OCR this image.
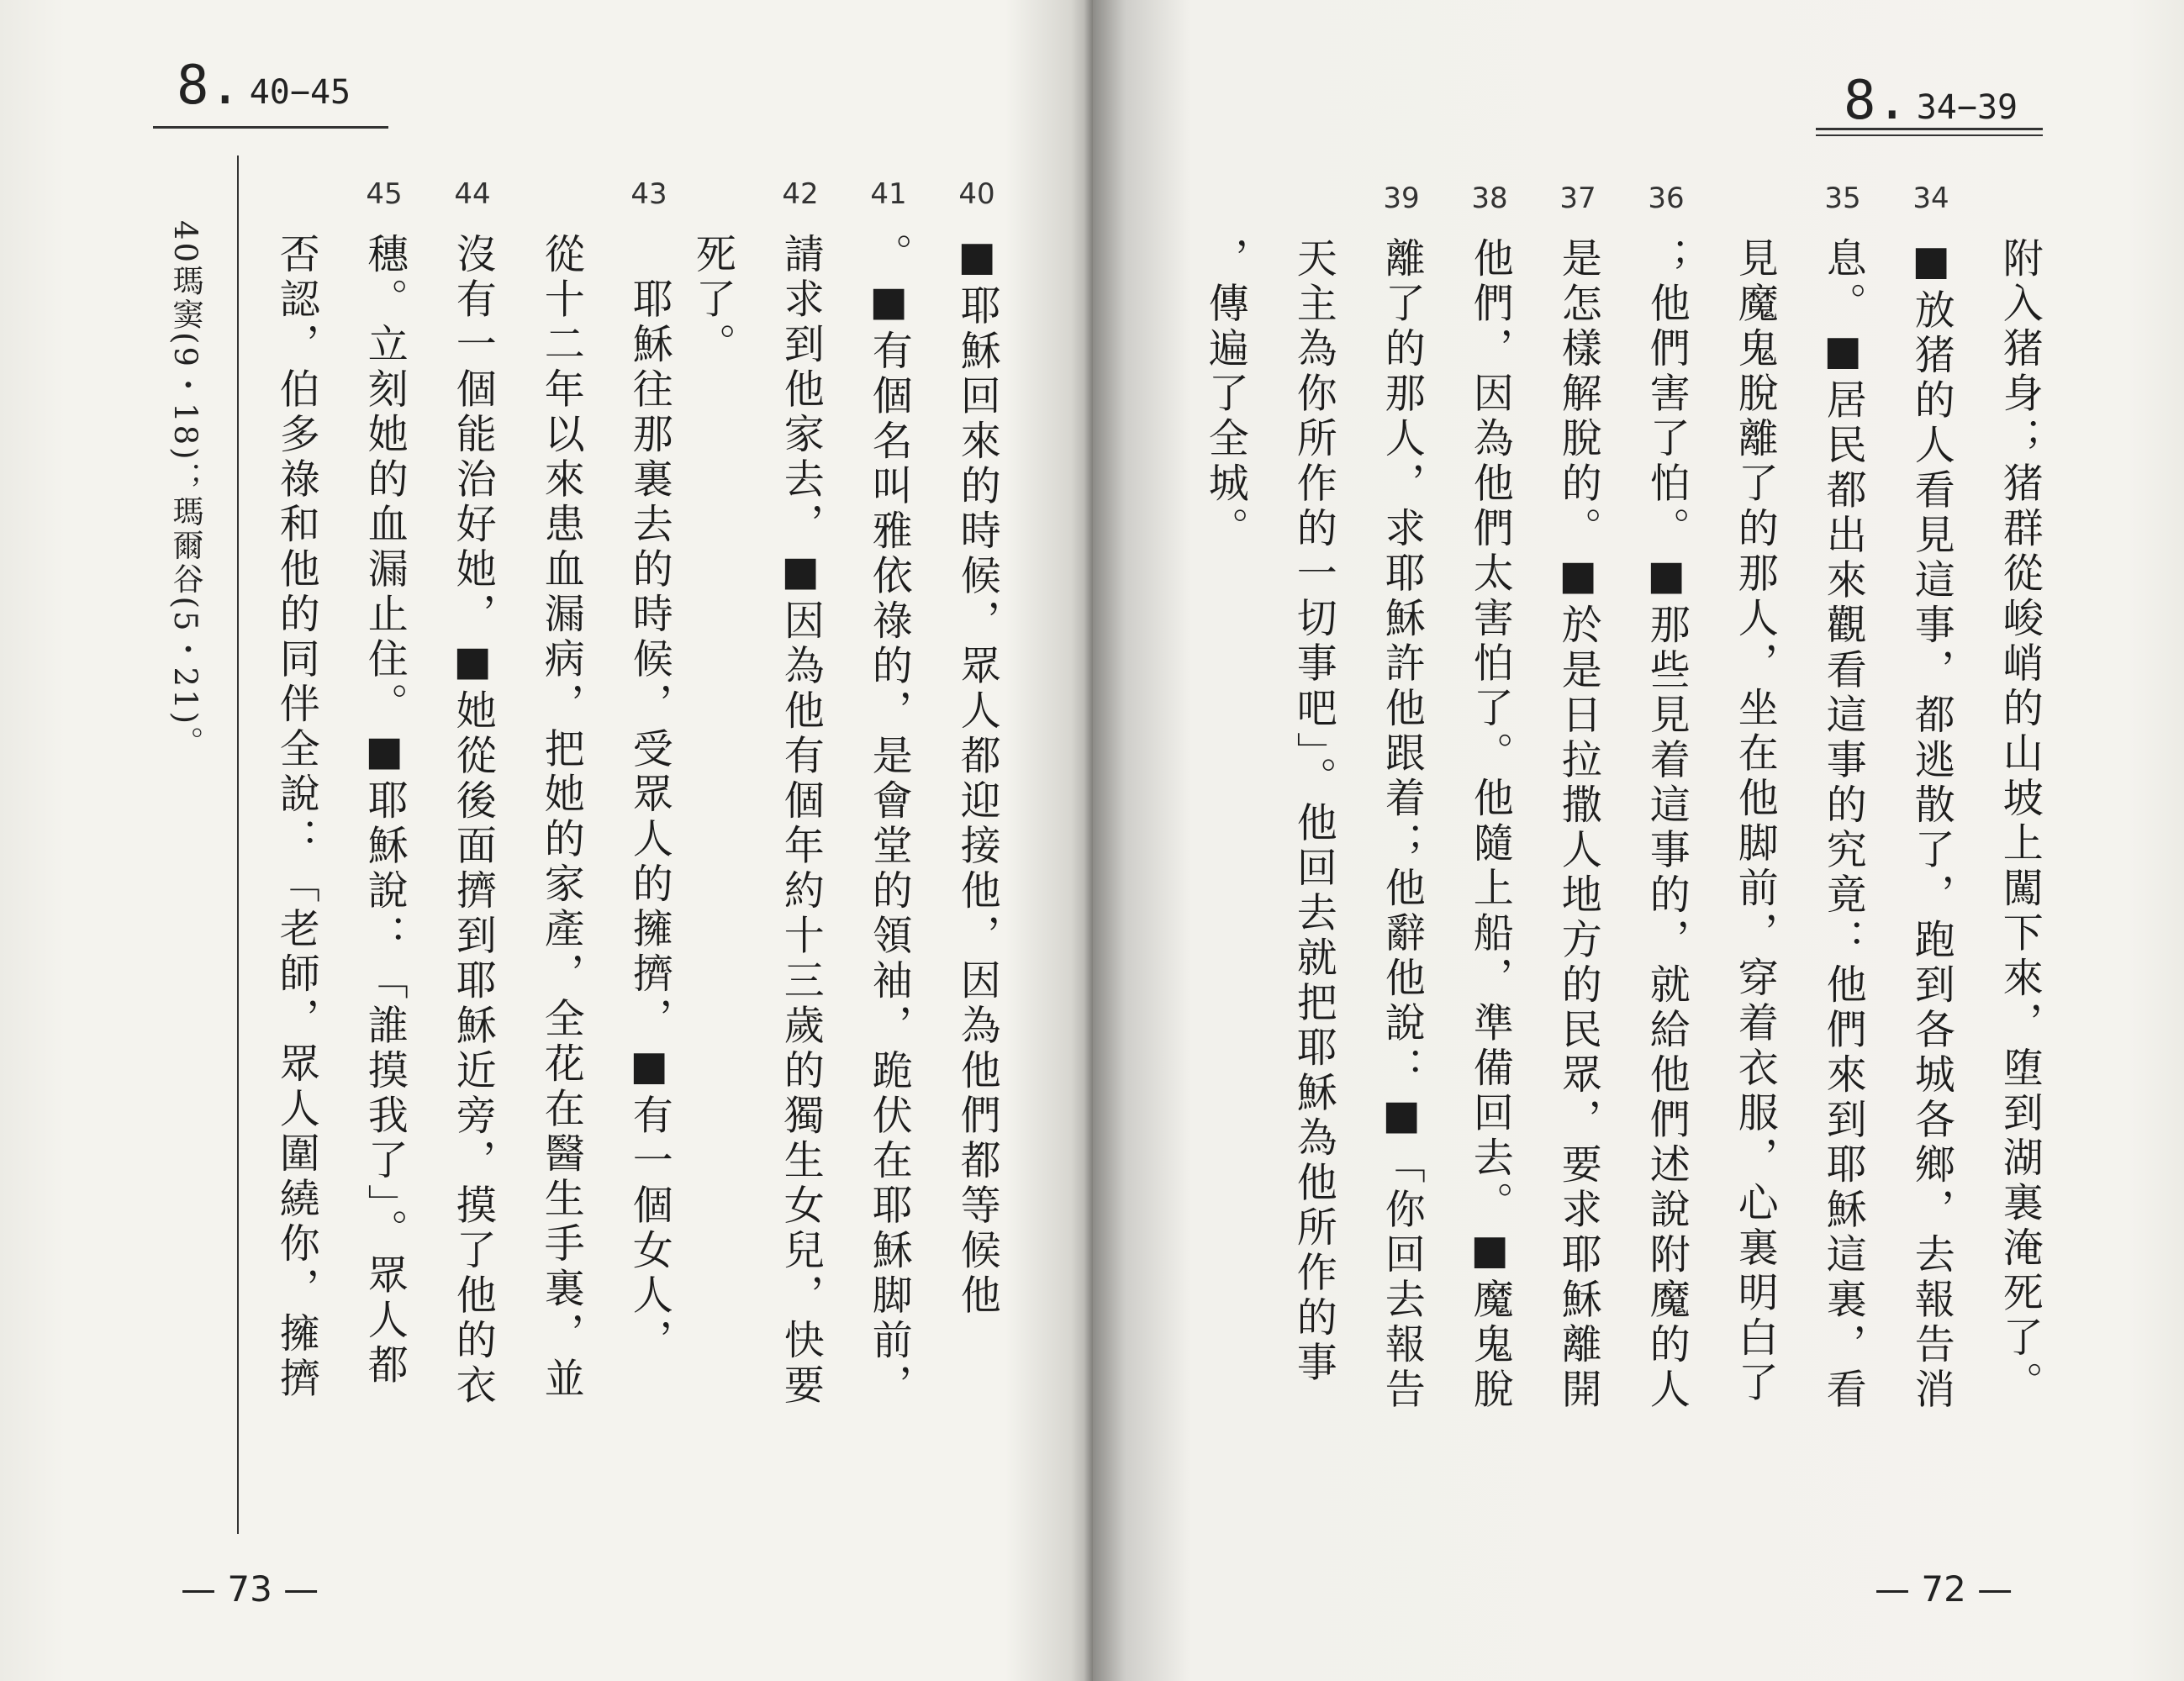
8. 40−45
40瑪窦(9・18)；瑪爾谷(5・21)。 否認，伯多祿和他的同伴全說：「老師，眾人圍繞你，擁擠
45
穗。立刻她的血漏止住。■耶穌說：「誰摸我了」。眾人都
44
沒有一個能治好她，■她從後面擠到耶穌近旁，摸了他的衣 從十二年以來患血漏病，把她的家產，全花在醫生手裏，並
43
　耶穌往那裏去的時候，受眾人的擁擠，■有一個女人， 死了。
42
請求到他家去，■因為他有個年約十三歲的獨生女兒，快要
41
。■有個名叫雅依祿的，是會堂的領袖，跪伏在耶穌脚前，
40
■耶穌回來的時候，眾人都迎接他，因為他們都等候他
— 73 —
8. 34−39
，傳遍了全城。 天主為你所作的一切事吧」。他回去就把耶穌為他所作的事
39
離了的那人，求耶穌許他跟着；他辭他說：■「你回去報告
38
他們，因為他們太害怕了。他隨上船，準備回去。■魔鬼脫
37
是怎樣解脫的。■於是日拉撒人地方的民眾，要求耶穌離開
36
；他們害了怕。■那些見着這事的，就給他們述說附魔的人 見魔鬼脫離了的那人，坐在他脚前，穿着衣服，心裏明白了
35
息。■居民都出來觀看這事的究竟：他們來到耶穌這裏，看
34
■放猪的人看見這事，都逃散了，跑到各城各鄉，去報告消 附入猪身；猪群從峻峭的山坡上闖下來，堕到湖裏淹死了。
— 72 —
